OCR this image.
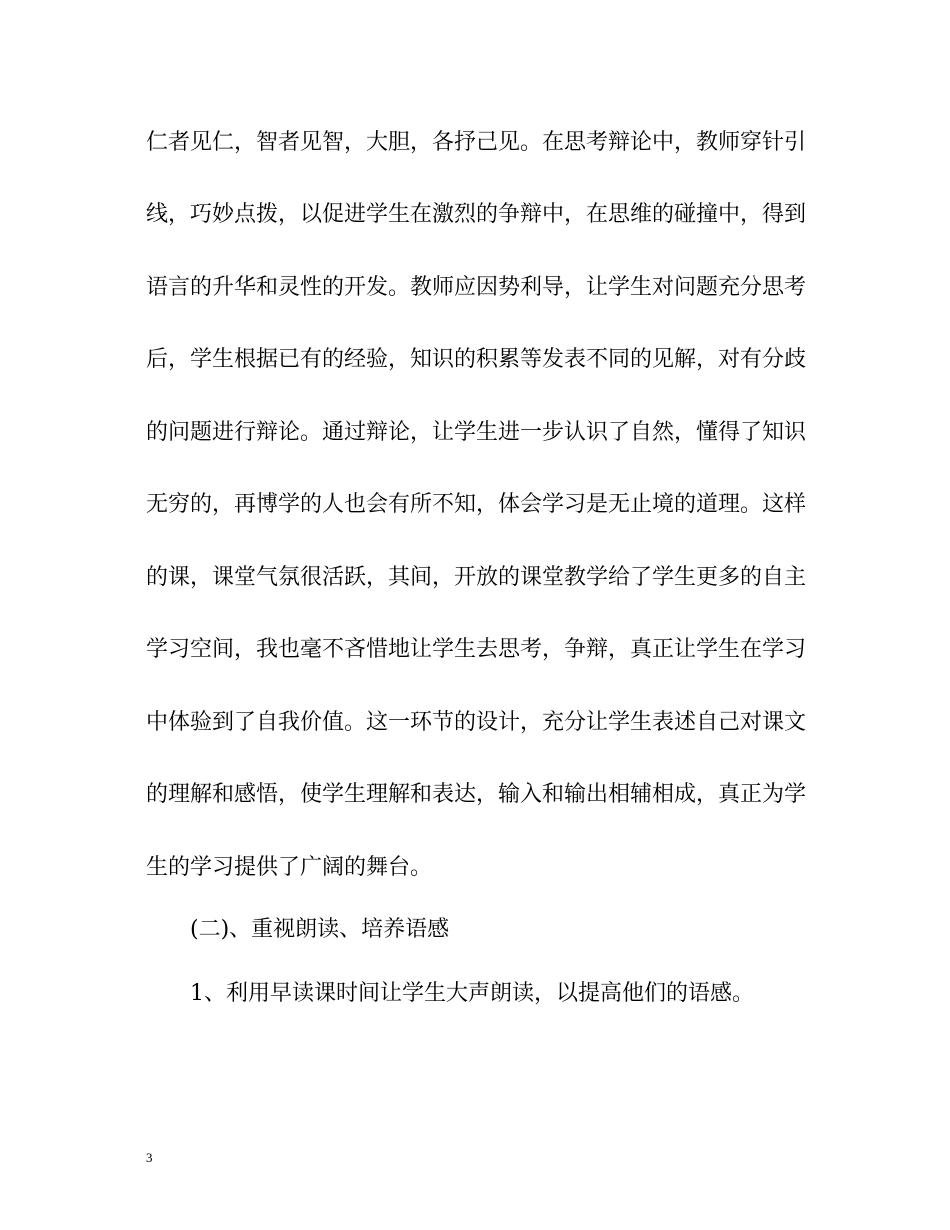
仁者见仁，智者见智，大胆，各抒己见。在思考辩论中，教师穿针引
线，巧妙点拨，以促进学生在激烈的争辩中，在思维的碰撞中，得到
语言的升华和灵性的开发。教师应因势利导，让学生对问题充分思考
后，学生根据已有的经验，知识的积累等发表不同的见解，对有分歧
的问题进行辩论。通过辩论，让学生进一步认识了自然，懂得了知识
无穷的，再博学的人也会有所不知，体会学习是无止境的道理。这样
的课，课堂气氛很活跃，其间，开放的课堂教学给了学生更多的自主
学习空间，我也毫不吝惜地让学生去思考，争辩，真正让学生在学习
中体验到了自我价值。这一环节的设计，充分让学生表述自己对课文
的理解和感悟，使学生理解和表达，输入和输出相辅相成，真正为学
生的学习提供了广阔的舞台。
(二)、重视朗读、培养语感
1、利用早读课时间让学生大声朗读，以提高他们的语感。
3
